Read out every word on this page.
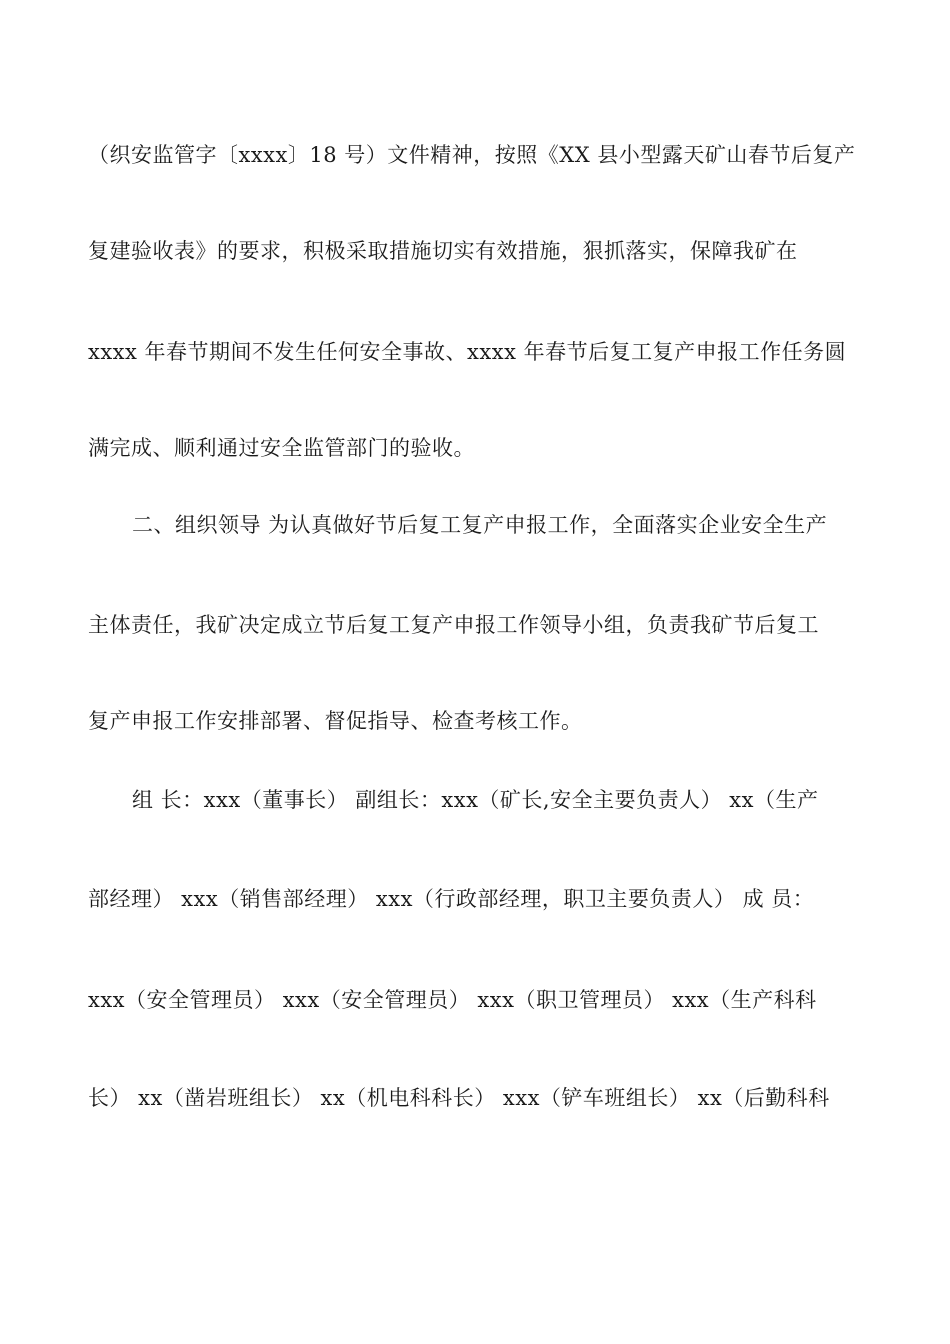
（织安监管字〔xxxx〕18 号）文件精神，按照《XX 县小型露天矿山春节后复产
复建验收表》的要求，积极采取措施切实有效措施，狠抓落实，保障我矿在
xxxx 年春节期间不发生任何安全事故、xxxx 年春节后复工复产申报工作任务圆
满完成、顺利通过安全监管部门的验收。
二、组织领导 为认真做好节后复工复产申报工作，全面落实企业安全生产
主体责任，我矿决定成立节后复工复产申报工作领导小组，负责我矿节后复工
复产申报工作安排部署、督促指导、检查考核工作。
组 长：xxx（董事长） 副组长：xxx（矿长,安全主要负责人） xx（生产
部经理） xxx（销售部经理） xxx（行政部经理，职卫主要负责人） 成 员：
xxx（安全管理员） xxx（安全管理员） xxx（职卫管理员） xxx（生产科科
长） xx（凿岩班组长） xx（机电科科长） xxx（铲车班组长） xx（后勤科科
